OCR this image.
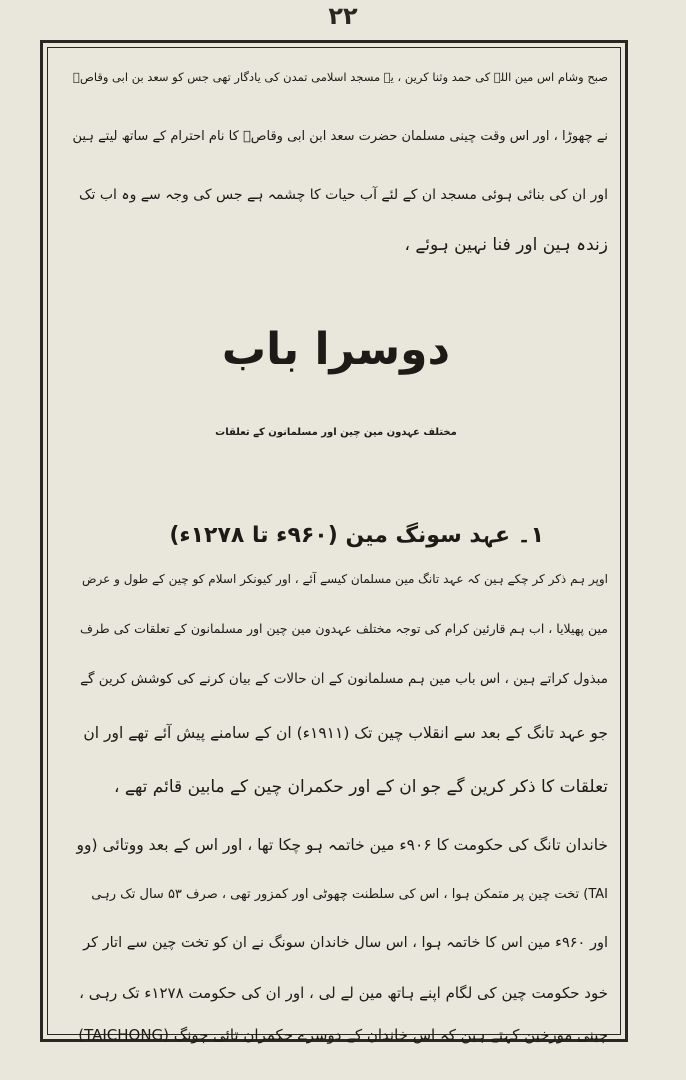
۲۲
صبح وشام اس مین اللہ کی حمد وثنا کرین ، یہ مسجد اسلامی تمدن کی یادگار تھی جس کو سعد بن ابی وقاصؓ
نے چھوڑا ، اور اس وقت چینی مسلمان حضرت سعد ابن ابی وقاصؓ کا نام احترام کے ساتھ لیتے ہین
اور ان کی بنائی ہوئی مسجد ان کے لئے آب حیات کا چشمہ ہے جس کی وجہ سے وہ اب تک
زندہ ہین اور فنا نہین ہوئے ،
دوسرا باب
مختلف عہدون مین چین اور مسلمانون کے تعلقات
۱۔ عہد سونگ مین (۹۶۰ء تا ۱۲۷۸ء)
اوپر ہم ذکر کر چکے ہین کہ عہد تانگ مین مسلمان کیسے آئے ، اور کیونکر اسلام کو چین کے طول و عرض
مین پھیلایا ، اب ہم قارئین کرام کی توجہ مختلف عہدون مین چین اور مسلمانون کے تعلقات کی طرف
مبذول کراتے ہین ، اس باب مین ہم مسلمانون کے ان حالات کے بیان کرنے کی کوشش کرین گے
جو عہد تانگ کے بعد سے انقلاب چین تک (۱۹۱۱ء) ان کے سامنے پیش آئے تھے اور ان
تعلقات کا ذکر کرین گے جو ان کے اور حکمران چین کے مابین قائم تھے ،
خاندان تانگ کی حکومت کا ۹۰۶ء مین خاتمہ ہو چکا تھا ، اور اس کے بعد ووتائی (وو
TAI) تخت چین پر متمکن ہوا ، اس کی سلطنت چھوٹی اور کمزور تھی ، صرف ۵۳ سال تک رہی
اور ۹۶۰ء مین اس کا خاتمہ ہوا ، اس سال خاندان سونگ نے ان کو تخت چین سے اتار کر
خود حکومت چین کی لگام اپنے ہاتھ مین لے لی ، اور ان کی حکومت ۱۲۷۸ء تک رہی ،
چینی مورخین کہتے ہین کہ اس خاندان کے دوسرے حکمران تائی چونگ (TAICHONG)
